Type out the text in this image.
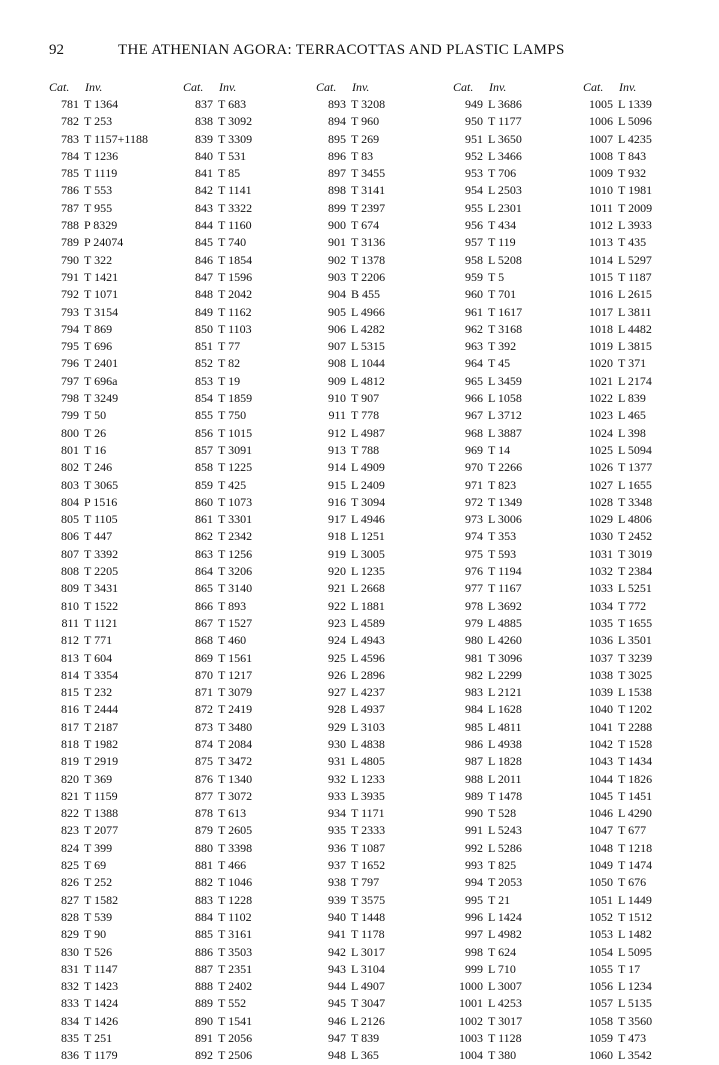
92	THE ATHENIAN AGORA: TERRACOTTAS AND PLASTIC LAMPS
Cat. Inv.
781 T 1364
782 T 253
783 T 1157+1188
784 T 1236
785 T 1119
786 T 553
787 T 955
788 P 8329
789 P 24074
790 T 322
791 T 1421
792 T 1071
793 T 3154
794 T 869
795 T 696
796 T 2401
797 T 696a
798 T 3249
799 T 50
800 T 26
801 T 16
802 T 246
803 T 3065
804 P 1516
805 T 1105
806 T 447
807 T 3392
808 T 2205
809 T 3431
810 T 1522
811 T 1121
812 T 771
813 T 604
814 T 3354
815 T 232
816 T 2444
817 T 2187
818 T 1982
819 T 2919
820 T 369
821 T 1159
822 T 1388
823 T 2077
824 T 399
825 T 69
826 T 252
827 T 1582
828 T 539
829 T 90
830 T 526
831 T 1147
832 T 1423
833 T 1424
834 T 1426
835 T 251
836 T 1179
Cat. Inv.
837 T 683
838 T 3092
839 T 3309
840 T 531
841 T 85
842 T 1141
843 T 3322
844 T 1160
845 T 740
846 T 1854
847 T 1596
848 T 2042
849 T 1162
850 T 1103
851 T 77
852 T 82
853 T 19
854 T 1859
855 T 750
856 T 1015
857 T 3091
858 T 1225
859 T 425
860 T 1073
861 T 3301
862 T 2342
863 T 1256
864 T 3206
865 T 3140
866 T 893
867 T 1527
868 T 460
869 T 1561
870 T 1217
871 T 3079
872 T 2419
873 T 3480
874 T 2084
875 T 3472
876 T 1340
877 T 3072
878 T 613
879 T 2605
880 T 3398
881 T 466
882 T 1046
883 T 1228
884 T 1102
885 T 3161
886 T 3503
887 T 2351
888 T 2402
889 T 552
890 T 1541
891 T 2056
892 T 2506
Cat. Inv.
893 T 3208
894 T 960
895 T 269
896 T 83
897 T 3455
898 T 3141
899 T 2397
900 T 674
901 T 3136
902 T 1378
903 T 2206
904 B 455
905 L 4966
906 L 4282
907 L 5315
908 L 1044
909 L 4812
910 T 907
911 T 778
912 L 4987
913 T 788
914 L 4909
915 L 2409
916 T 3094
917 L 4946
918 L 1251
919 L 3005
920 L 1235
921 L 2668
922 L 1881
923 L 4589
924 L 4943
925 L 4596
926 L 2896
927 L 4237
928 L 4937
929 L 3103
930 L 4838
931 L 4805
932 L 1233
933 L 3935
934 T 1171
935 T 2333
936 T 1087
937 T 1652
938 T 797
939 T 3575
940 T 1448
941 T 1178
942 L 3017
943 L 3104
944 L 4907
945 T 3047
946 L 2126
947 T 839
948 L 365
Cat. Inv.
949 L 3686
950 T 1177
951 L 3650
952 L 3466
953 T 706
954 L 2503
955 L 2301
956 T 434
957 T 119
958 L 5208
959 T 5
960 T 701
961 T 1617
962 T 3168
963 T 392
964 T 45
965 L 3459
966 L 1058
967 L 3712
968 L 3887
969 T 14
970 T 2266
971 T 823
972 T 1349
973 L 3006
974 T 353
975 T 593
976 T 1194
977 T 1167
978 L 3692
979 L 4885
980 L 4260
981 T 3096
982 L 2299
983 L 2121
984 L 1628
985 L 4811
986 L 4938
987 L 1828
988 L 2011
989 T 1478
990 T 528
991 L 5243
992 L 5286
993 T 825
994 T 2053
995 T 21
996 L 1424
997 L 4982
998 T 624
999 L 710
1000 L 3007
1001 L 4253
1002 T 3017
1003 T 1128
1004 T 380
Cat. Inv.
1005 L 1339
1006 L 5096
1007 L 4235
1008 T 843
1009 T 932
1010 T 1981
1011 T 2009
1012 L 3933
1013 T 435
1014 L 5297
1015 T 1187
1016 L 2615
1017 L 3811
1018 L 4482
1019 L 3815
1020 T 371
1021 L 2174
1022 L 839
1023 L 465
1024 L 398
1025 L 5094
1026 T 1377
1027 L 1655
1028 T 3348
1029 L 4806
1030 T 2452
1031 T 3019
1032 T 2384
1033 L 5251
1034 T 772
1035 T 1655
1036 L 3501
1037 T 3239
1038 T 3025
1039 L 1538
1040 T 1202
1041 T 2288
1042 T 1528
1043 T 1434
1044 T 1826
1045 T 1451
1046 L 4290
1047 T 677
1048 T 1218
1049 T 1474
1050 T 676
1051 L 1449
1052 T 1512
1053 L 1482
1054 L 5095
1055 T 17
1056 L 1234
1057 L 5135
1058 T 3560
1059 T 473
1060 L 3542
